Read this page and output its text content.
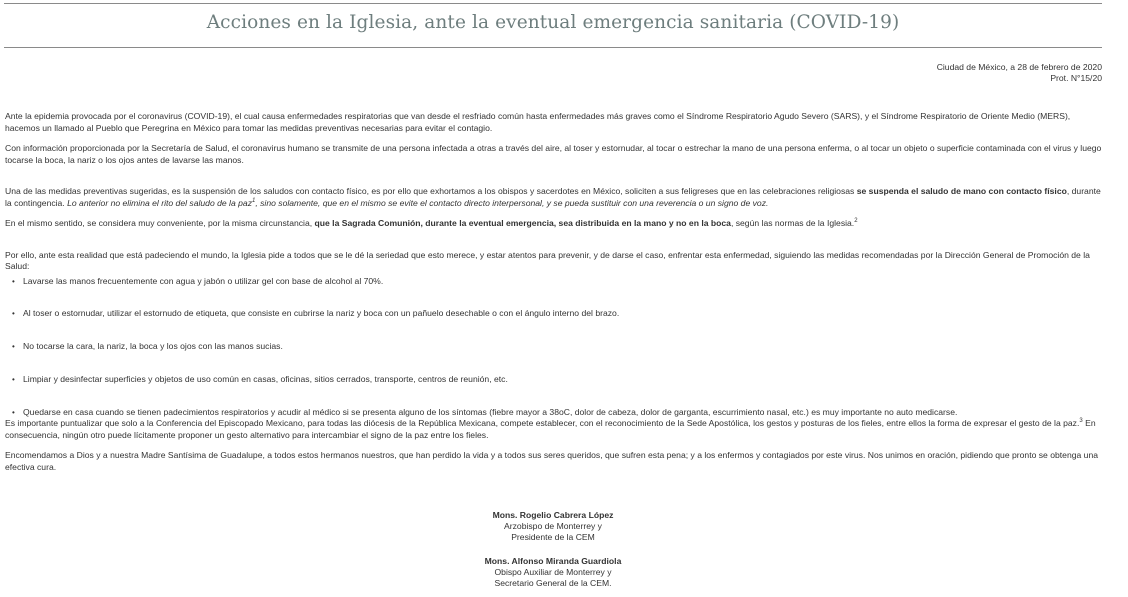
Acciones en la Iglesia, ante la eventual emergencia sanitaria (COVID-19)
Ciudad de México, a 28 de febrero de 2020
Prot. N°15/20

Ante la epidemia provocada por el coronavirus (COVID-19), el cual causa enfermedades respiratorias que van desde el resfriado común hasta enfermedades más graves como el Síndrome Respiratorio Agudo Severo (SARS), y el Síndrome Respiratorio de Oriente Medio (MERS), hacemos un llamado al Pueblo que Peregrina en México para tomar las medidas preventivas necesarias para evitar el contagio.

Con información proporcionada por la Secretaría de Salud, el coronavirus humano se transmite de una persona infectada a otras a través del aire, al toser y estornudar, al tocar o estrechar la mano de una persona enferma, o al tocar un objeto o superficie contaminada con el virus y luego tocarse la boca, la nariz o los ojos antes de lavarse las manos.

Una de las medidas preventivas sugeridas, es la suspensión de los saludos con contacto físico, es por ello que exhortamos a los obispos y sacerdotes en México, soliciten a sus feligreses que en las celebraciones religiosas se suspenda el saludo de mano con contacto físico, durante la contingencia. Lo anterior no elimina el rito del saludo de la paz$^1$, sino solamente, que en el mismo se evite el contacto directo interpersonal, y se pueda sustituir con una reverencia o un signo de voz.

En el mismo sentido, se considera muy conveniente, por la misma circunstancia, que la Sagrada Comunión, durante la eventual emergencia, sea distribuida en la mano y no en la boca, según las normas de la Iglesia.$^2$

Por ello, ante esta realidad que está padeciendo el mundo, la Iglesia pide a todos que se le dé la seriedad que esto merece, y estar atentos para prevenir, y de darse el caso, enfrentar esta enfermedad, siguiendo las medidas recomendadas por la Dirección General de Promoción de la Salud:

• Lavarse las manos frecuentemente con agua y jabón o utilizar gel con base de alcohol al 70%.
• Al toser o estornudar, utilizar el estornudo de etiqueta, que consiste en cubrirse la nariz y boca con un pañuelo desechable o con el ángulo interno del brazo.
• No tocarse la cara, la nariz, la boca y los ojos con las manos sucias.
• Limpiar y desinfectar superficies y objetos de uso común en casas, oficinas, sitios cerrados, transporte, centros de reunión, etc.
• Quedarse en casa cuando se tienen padecimientos respiratorios y acudir al médico si se presenta alguno de los síntomas (fiebre mayor a 38oC, dolor de cabeza, dolor de garganta, escurrimiento nasal, etc.) es muy importante no auto medicarse.

Es importante puntualizar que solo a la Conferencia del Episcopado Mexicano, para todas las diócesis de la República Mexicana, compete establecer, con el reconocimiento de la Sede Apostólica, los gestos y posturas de los fieles, entre ellos la forma de expresar el gesto de la paz.$^3$ En consecuencia, ningún otro puede lícitamente proponer un gesto alternativo para intercambiar el signo de la paz entre los fieles.

Encomendamos a Dios y a nuestra Madre Santísima de Guadalupe, a todos estos hermanos nuestros, que han perdido la vida y a todos sus seres queridos, que sufren esta pena; y a los enfermos y contagiados por este virus. Nos unimos en oración, pidiendo que pronto se obtenga una efectiva cura.

Mons. Rogelio Cabrera López
Arzobispo de Monterrey y
Presidente de la CEM
Mons. Alfonso Miranda Guardiola
Obispo Auxiliar de Monterrey y
Secretario General de la CEM.
